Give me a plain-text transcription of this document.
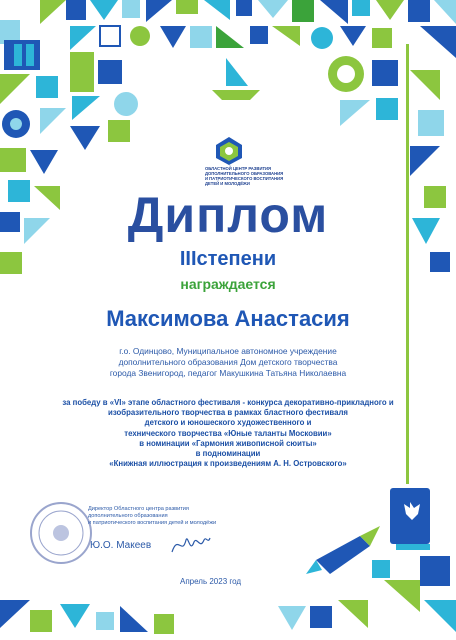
ОБЛАСТНОЙ ЦЕНТР РАЗВИТИЯ
ДОПОЛНИТЕЛЬНОГО ОБРАЗОВАНИЯ
И ПАТРИОТИЧЕСКОГО ВОСПИТАНИЯ
ДЕТЕЙ И МОЛОДЁЖИ
Диплом
IIIстепени
награждается
Максимова Анастасия
г.о. Одинцово, Муниципальное автономное учреждение
дополнительного образования Дом детского творчества
города Звенигород, педагог Макушкина Татьяна Николаевна
за победу в «VI» этапе областного фестиваля - конкурса декоративно-прикладного и
изобразительного творчества в рамках бластного фестиваля
детского и юношеского художественного и
технического творчества «Юные таланты Московии»
в номинации «Гармония живописной сюиты»
в подноминации
«Книжная иллюстрация к произведениям А. Н. Островского»
Директор Областного центра развития
дополнительного образования
и патриотического воспитания детей и молодёжи
Ю.О. Макеев
Апрель 2023 год
